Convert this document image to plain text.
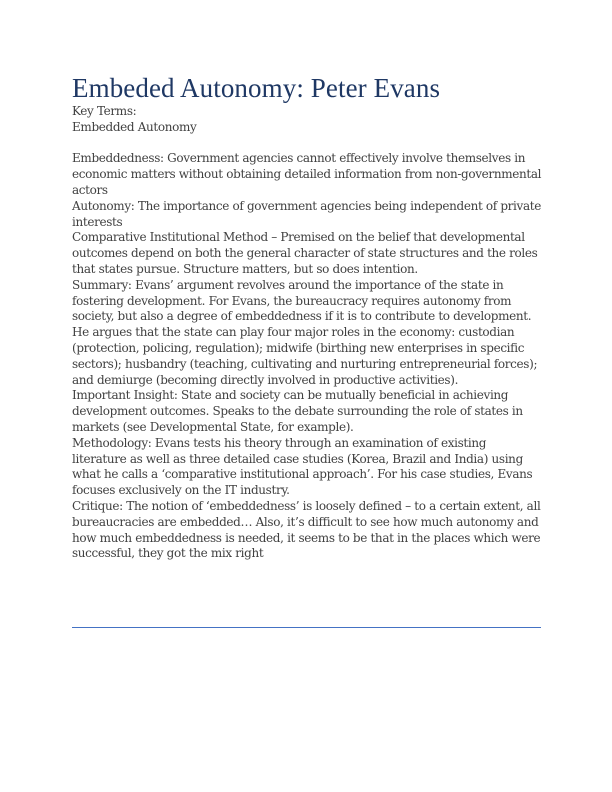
Embeded Autonomy: Peter Evans

Key Terms:

Embedded Autonomy

Embeddedness: Government agencies cannot effectively involve themselves in economic matters without obtaining detailed information from non-governmental actors

Autonomy: The importance of government agencies being independent of private interests

Comparative Institutional Method – Premised on the belief that developmental outcomes depend on both the general character of state structures and the roles that states pursue. Structure matters, but so does intention.

Summary: Evans’ argument revolves around the importance of the state in fostering development. For Evans, the bureaucracy requires autonomy from society, but also a degree of embeddedness if it is to contribute to development. He argues that the state can play four major roles in the economy: custodian (protection, policing, regulation); midwife (birthing new enterprises in specific sectors); husbandry (teaching, cultivating and nurturing entrepreneurial forces); and demiurge (becoming directly involved in productive activities).

Important Insight: State and society can be mutually beneficial in achieving development outcomes. Speaks to the debate surrounding the role of states in markets (see Developmental State, for example).

Methodology: Evans tests his theory through an examination of existing literature as well as three detailed case studies (Korea, Brazil and India) using what he calls a ‘comparative institutional approach’. For his case studies, Evans focuses exclusively on the IT industry.

Critique: The notion of ‘embeddedness’ is loosely defined – to a certain extent, all bureaucracies are embedded… Also, it’s difficult to see how much autonomy and how much embeddedness is needed, it seems to be that in the places which were successful, they got the mix right
